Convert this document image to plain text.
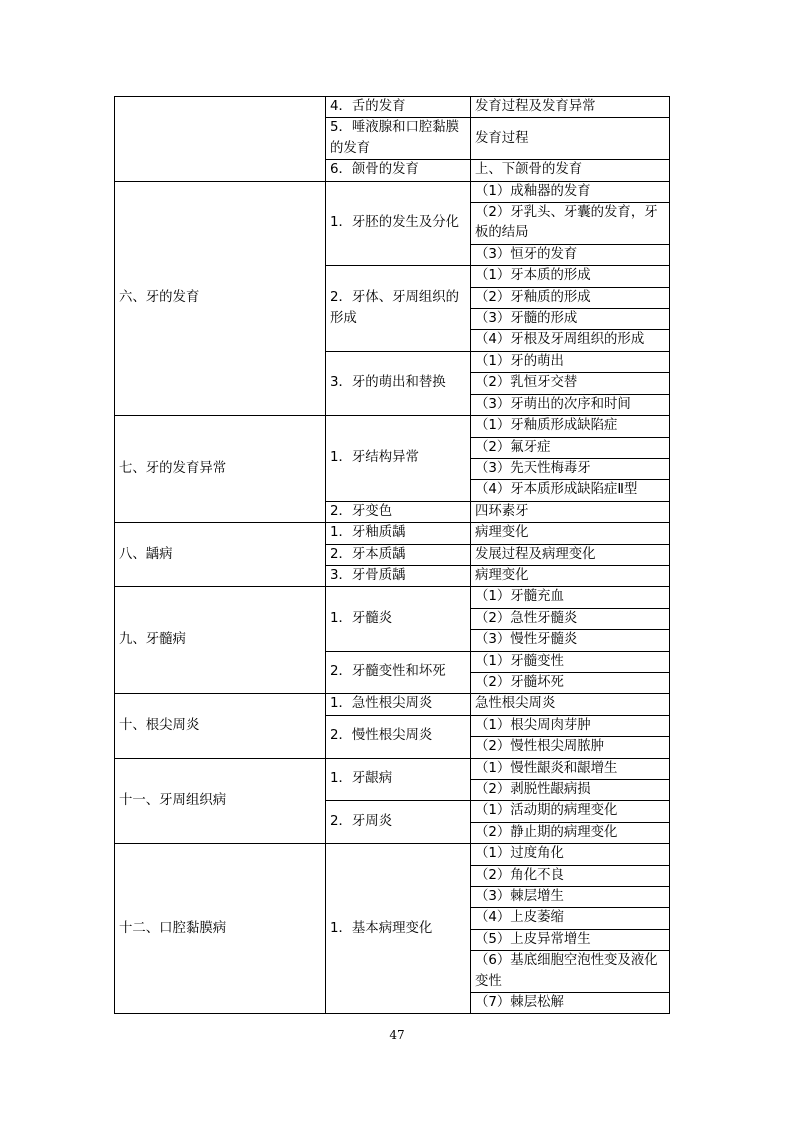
	4．舌的发育	发育过程及发育异常
	5．唾液腺和口腔黏膜的发育	发育过程
	6．颌骨的发育	上、下颌骨的发育
六、牙的发育	1．牙胚的发生及分化	（1）成釉器的发育
		（2）牙乳头、牙囊的发育，牙板的结局
		（3）恒牙的发育
	2．牙体、牙周组织的形成	（1）牙本质的形成
		（2）牙釉质的形成
		（3）牙髓的形成
		（4）牙根及牙周组织的形成
	3．牙的萌出和替换	（1）牙的萌出
		（2）乳恒牙交替
		（3）牙萌出的次序和时间
七、牙的发育异常	1．牙结构异常	（1）牙釉质形成缺陷症
		（2）氟牙症
		（3）先天性梅毒牙
		（4）牙本质形成缺陷症Ⅱ型
	2．牙变色	四环素牙
八、龋病	1．牙釉质龋	病理变化
	2．牙本质龋	发展过程及病理变化
	3．牙骨质龋	病理变化
九、牙髓病	1．牙髓炎	（1）牙髓充血
		（2）急性牙髓炎
		（3）慢性牙髓炎
	2．牙髓变性和坏死	（1）牙髓变性
		（2）牙髓坏死
十、根尖周炎	1．急性根尖周炎	急性根尖周炎
	2．慢性根尖周炎	（1）根尖周肉芽肿
		（2）慢性根尖周脓肿
十一、牙周组织病	1．牙龈病	（1）慢性龈炎和龈增生
		（2）剥脱性龈病损
	2．牙周炎	（1）活动期的病理变化
		（2）静止期的病理变化
十二、口腔黏膜病	1．基本病理变化	（1）过度角化
		（2）角化不良
		（3）棘层增生
		（4）上皮萎缩
		（5）上皮异常增生
		（6）基底细胞空泡性变及液化变性
		（7）棘层松解
47
